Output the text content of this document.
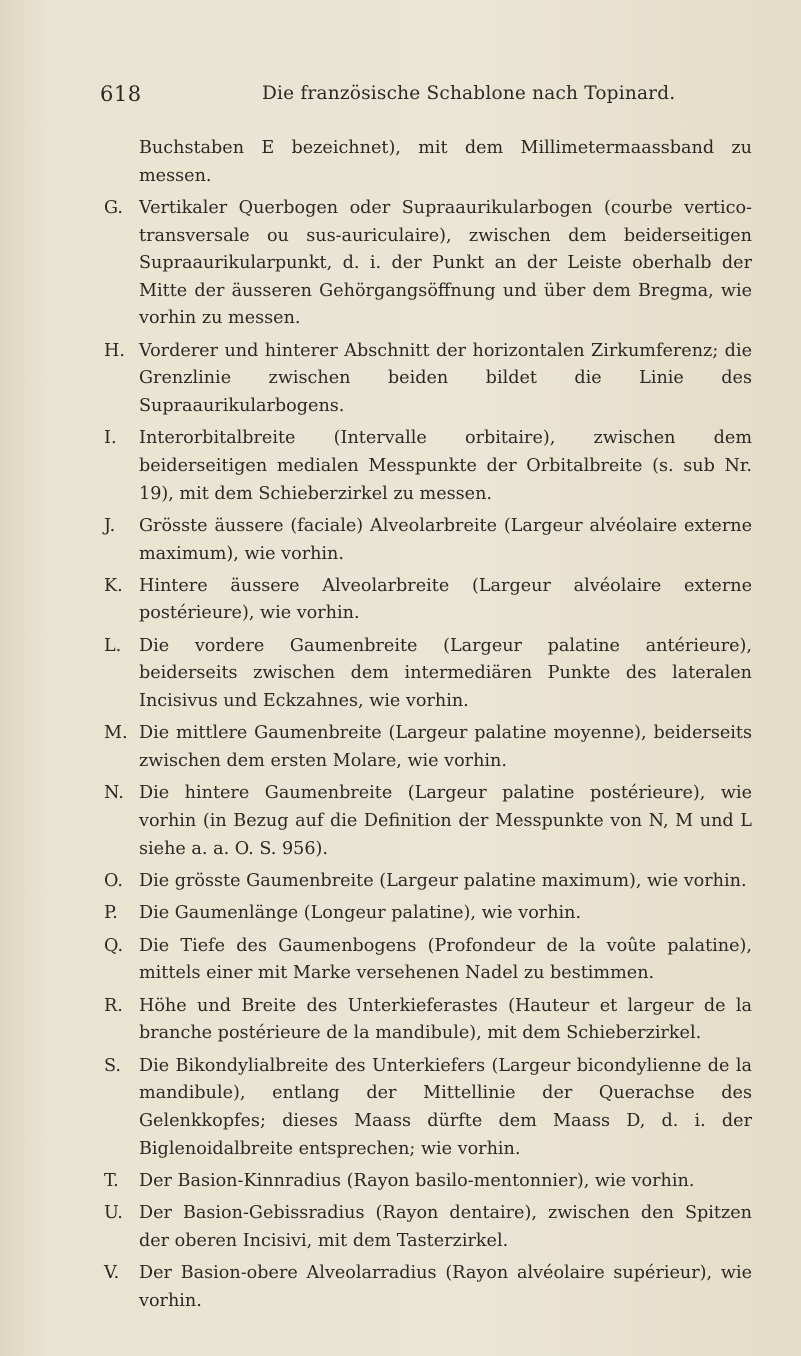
618	Die französische Schablone nach Topinard.
Buchstaben E bezeichnet), mit dem Millimetermaassband zu messen.
G. Vertikaler Querbogen oder Supraaurikularbogen (courbe vertico-transversale ou sus-auriculaire), zwischen dem beiderseitigen Supraaurikularpunkt, d. i. der Punkt an der Leiste oberhalb der Mitte der äusseren Gehörgangsöffnung und über dem Bregma, wie vorhin zu messen.
H. Vorderer und hinterer Abschnitt der horizontalen Zirkumferenz; die Grenzlinie zwischen beiden bildet die Linie des Supraaurikularbogens.
I.	Interorbitalbreite (Intervalle orbitaire), zwischen dem beiderseitigen medialen Messpunkte der Orbitalbreite (s. sub Nr. 19), mit dem Schieberzirkel zu messen.
J.	Grösste äussere (faciale) Alveolarbreite (Largeur alvéolaire externe maximum), wie vorhin.
K. Hintere äussere Alveolarbreite (Largeur alvéolaire externe postérieure), wie vorhin.
L.	Die vordere Gaumenbreite (Largeur palatine antérieure), beiderseits zwischen dem intermediären Punkte des lateralen Incisivus und Eckzahnes, wie vorhin.
M. Die mittlere Gaumenbreite (Largeur palatine moyenne), beiderseits zwischen dem ersten Molare, wie vorhin.
N. Die hintere Gaumenbreite (Largeur palatine postérieure), wie vorhin (in Bezug auf die Definition der Messpunkte von N, M und L siehe a. a. O. S. 956).
O. Die grösste Gaumenbreite (Largeur palatine maximum), wie vorhin.
P.	Die Gaumenlänge (Longeur palatine), wie vorhin.
Q. Die Tiefe des Gaumenbogens (Profondeur de la voûte palatine), mittels einer mit Marke versehenen Nadel zu bestimmen.
R. Höhe und Breite des Unterkieferastes (Hauteur et largeur de la branche postérieure de la mandibule), mit dem Schieberzirkel.
S.	Die Bikondylialbreite des Unterkiefers (Largeur bicondylienne de la mandibule), entlang der Mittellinie der Querachse des Gelenkkopfes; dieses Maass dürfte dem Maass D, d. i. der Biglenoidalbreite entsprechen; wie vorhin.
T.	Der Basion-Kinnradius (Rayon basilo-mentonnier), wie vorhin.
U. Der Basion-Gebissradius (Rayon dentaire), zwischen den Spitzen der oberen Incisivi, mit dem Tasterzirkel.
V.	Der Basion-obere Alveolarradius (Rayon alvéolaire supérieur), wie vorhin.
